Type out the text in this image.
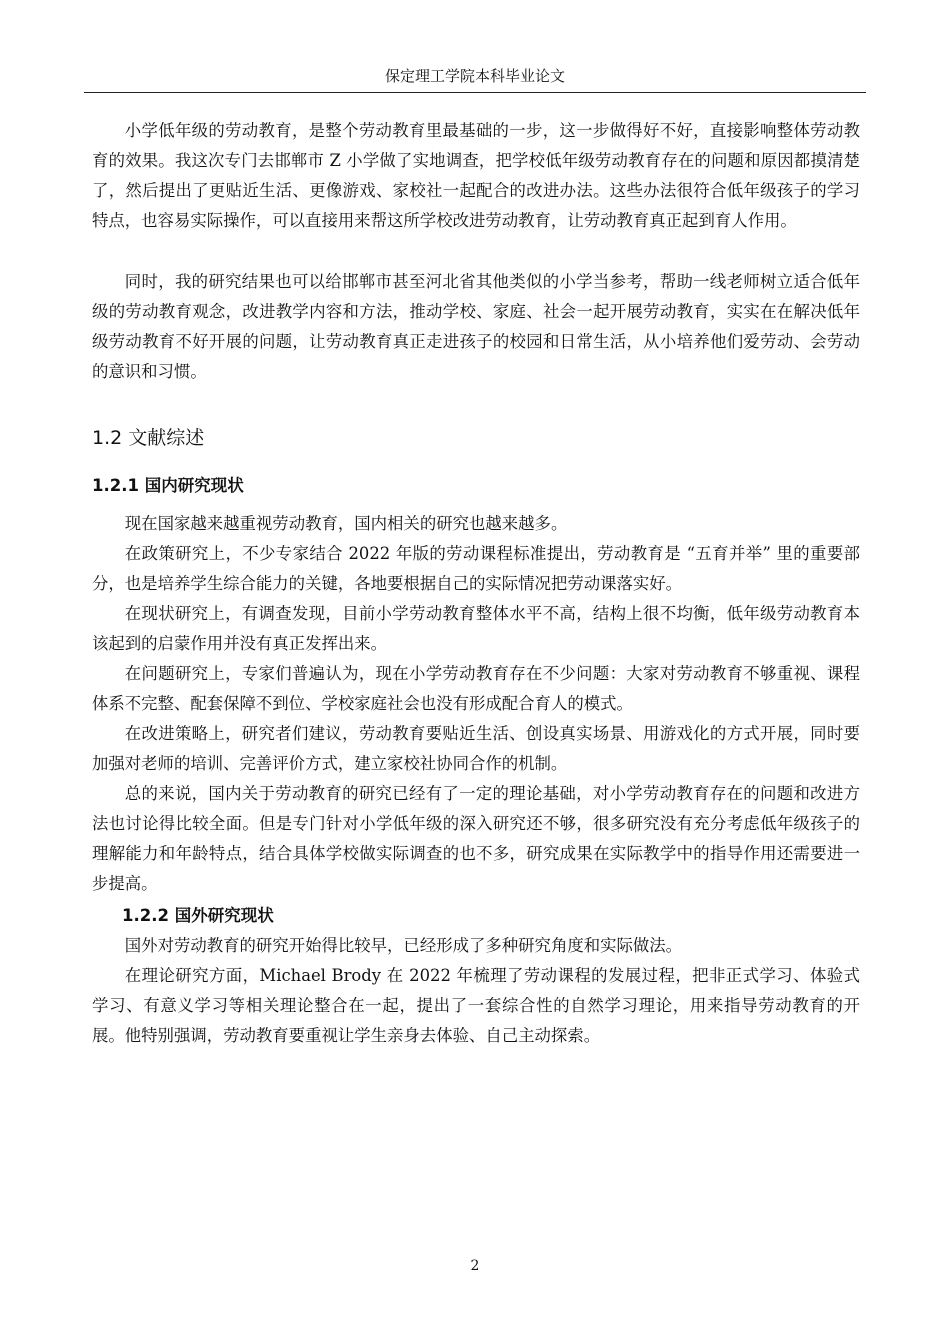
保定理工学院本科毕业论文

小学低年级的劳动教育，是整个劳动教育里最基础的一步，这一步做得好不好，直接影响整体劳动教育的效果。我这次专门去邯郸市 Z 小学做了实地调查，把学校低年级劳动教育存在的问题和原因都摸清楚了，然后提出了更贴近生活、更像游戏、家校社一起配合的改进办法。这些办法很符合低年级孩子的学习特点，也容易实际操作，可以直接用来帮这所学校改进劳动教育，让劳动教育真正起到育人作用。

同时，我的研究结果也可以给邯郸市甚至河北省其他类似的小学当参考，帮助一线老师树立适合低年级的劳动教育观念，改进教学内容和方法，推动学校、家庭、社会一起开展劳动教育，实实在在解决低年级劳动教育不好开展的问题，让劳动教育真正走进孩子的校园和日常生活，从小培养他们爱劳动、会劳动的意识和习惯。

1.2 文献综述
1.2.1 国内研究现状

现在国家越来越重视劳动教育，国内相关的研究也越来越多。

在政策研究上，不少专家结合 2022 年版的劳动课程标准提出，劳动教育是 “五育并举” 里的重要部分，也是培养学生综合能力的关键，各地要根据自己的实际情况把劳动课落实好。

在现状研究上，有调查发现，目前小学劳动教育整体水平不高，结构上很不均衡，低年级劳动教育本该起到的启蒙作用并没有真正发挥出来。

在问题研究上，专家们普遍认为，现在小学劳动教育存在不少问题：大家对劳动教育不够重视、课程体系不完整、配套保障不到位、学校家庭社会也没有形成配合育人的模式。

在改进策略上，研究者们建议，劳动教育要贴近生活、创设真实场景、用游戏化的方式开展，同时要加强对老师的培训、完善评价方式，建立家校社协同合作的机制。

总的来说，国内关于劳动教育的研究已经有了一定的理论基础，对小学劳动教育存在的问题和改进方法也讨论得比较全面。但是专门针对小学低年级的深入研究还不够，很多研究没有充分考虑低年级孩子的理解能力和年龄特点，结合具体学校做实际调查的也不多，研究成果在实际教学中的指导作用还需要进一步提高。

1.2.2 国外研究现状

国外对劳动教育的研究开始得比较早，已经形成了多种研究角度和实际做法。

在理论研究方面，Michael Brody 在 2022 年梳理了劳动课程的发展过程，把非正式学习、体验式学习、有意义学习等相关理论整合在一起，提出了一套综合性的自然学习理论，用来指导劳动教育的开展。他特别强调，劳动教育要重视让学生亲身去体验、自己主动探索。

2
